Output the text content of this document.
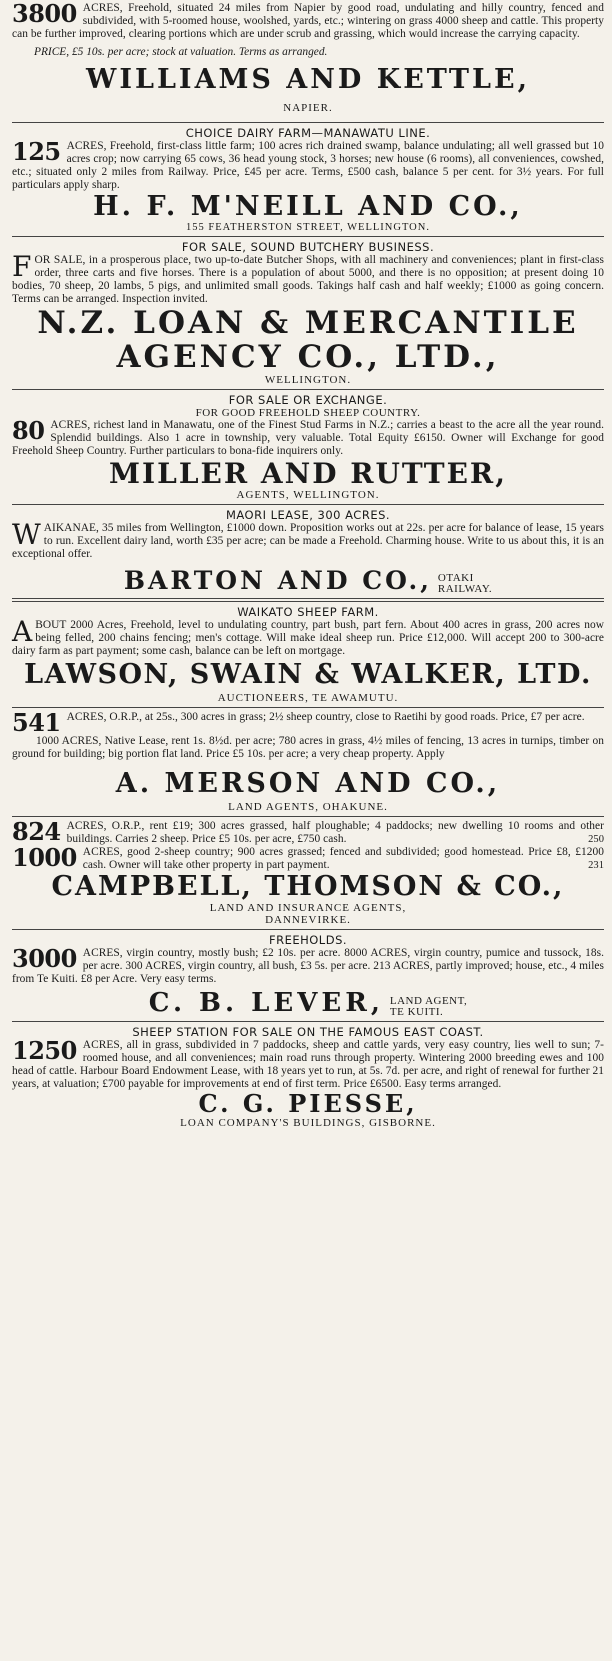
3800 ACRES, Freehold, situated 24 miles from Napier by good road, undulating and hilly country, fenced and subdivided, with 5-roomed house, woolshed, yards, etc.; wintering on grass 4000 sheep and cattle. This property can be further improved, clearing portions which are under scrub and grassing, which would increase the carrying capacity.

PRICE, £5 10s. per acre; stock at valuation. Terms as arranged.

WILLIAMS AND KETTLE,

NAPIER.

CHOICE DAIRY FARM—MANAWATU LINE.

125 ACRES, Freehold, first-class little farm; 100 acres rich drained swamp, balance undulating; all well grassed but 10 acres crop; now carrying 65 cows, 36 head young stock, 3 horses; new house (6 rooms), all conveniences, cowshed, etc.; situated only 2 miles from Railway. Price, £45 per acre. Terms, £500 cash, balance 5 per cent. for 3½ years. For full particulars apply sharp.

H. F. M'NEILL AND CO.,

155 FEATHERSTON STREET, WELLINGTON.

FOR SALE, SOUND BUTCHERY BUSINESS.

F OR SALE, in a prosperous place, two up-to-date Butcher Shops, with all machinery and conveniences; plant in first-class order, three carts and five horses. There is a population of about 5000, and there is no opposition; at present doing 10 bodies, 70 sheep, 20 lambs, 5 pigs, and unlimited small goods. Takings half cash and half weekly; £1000 as going concern. Terms can be arranged. Inspection invited.

N.Z. LOAN & MERCANTILE

AGENCY CO., LTD.,

WELLINGTON.

FOR SALE OR EXCHANGE.

FOR GOOD FREEHOLD SHEEP COUNTRY.

80 ACRES, richest land in Manawatu, one of the Finest Stud Farms in N.Z.; carries a beast to the acre all the year round. Splendid buildings. Also 1 acre in township, very valuable. Total Equity £6150. Owner will Exchange for good Freehold Sheep Country. Further particulars to bona-fide inquirers only.

MILLER AND RUTTER,

AGENTS, WELLINGTON.

MAORI LEASE, 300 ACRES.

W AIKANAE, 35 miles from Wellington, £1000 down. Proposition works out at 22s. per acre for balance of lease, 15 years to run. Excellent dairy land, worth £35 per acre; can be made a Freehold. Charming house. Write to us about this, it is an exceptional offer.

BARTON AND CO., OTAKI
RAILWAY.

WAIKATO SHEEP FARM.

A BOUT 2000 Acres, Freehold, level to undulating country, part bush, part fern. About 400 acres in grass, 200 acres now being felled, 200 chains fencing; men's cottage. Will make ideal sheep run. Price £12,000. Will accept 200 to 300-acre dairy farm as part payment; some cash, balance can be left on mortgage.

LAWSON, SWAIN & WALKER, LTD.

AUCTIONEERS, TE AWAMUTU.

541 ACRES, O.R.P., at 25s., 300 acres in grass; 2½ sheep country, close to Raetihi by good roads. Price, £7 per acre.

1000 ACRES, Native Lease, rent 1s. 8½d. per acre; 780 acres in grass, 4½ miles of fencing, 13 acres in turnips, timber on ground for building; big portion flat land. Price £5 10s. per acre; a very cheap property. Apply

A. MERSON AND CO.,

LAND AGENTS, OHAKUNE.

824 ACRES, O.R.P., rent £19; 300 acres grassed, half ploughable; 4 paddocks; new dwelling 10 rooms and other buildings. Carries 2 sheep. Price £5 10s. per acre, £750 cash.	250

1000 ACRES, good 2-sheep country; 900 acres grassed; fenced and subdivided; good homestead. Price £8, £1200 cash. Owner will take other property in part payment.	231

CAMPBELL, THOMSON & CO.,

LAND AND INSURANCE AGENTS,

DANNEVIRKE.

FREEHOLDS.

3000 ACRES, virgin country, mostly bush; £2 10s. per acre. 8000 ACRES, virgin country, pumice and tussock, 18s. per acre. 300 ACRES, virgin country, all bush, £3 5s. per acre. 213 ACRES, partly improved; house, etc., 4 miles from Te Kuiti. £8 per Acre. Very easy terms.

C. B. LEVER, LAND AGENT,
TE KUITI.

SHEEP STATION FOR SALE ON THE FAMOUS EAST COAST.

1250 ACRES, all in grass, subdivided in 7 paddocks, sheep and cattle yards, very easy country, lies well to sun; 7-roomed house, and all conveniences; main road runs through property. Wintering 2000 breeding ewes and 100 head of cattle. Harbour Board Endowment Lease, with 18 years yet to run, at 5s. 7d. per acre, and right of renewal for further 21 years, at valuation; £700 payable for improvements at end of first term. Price £6500. Easy terms arranged.

C. G. PIESSE,

LOAN COMPANY'S BUILDINGS, GISBORNE.
